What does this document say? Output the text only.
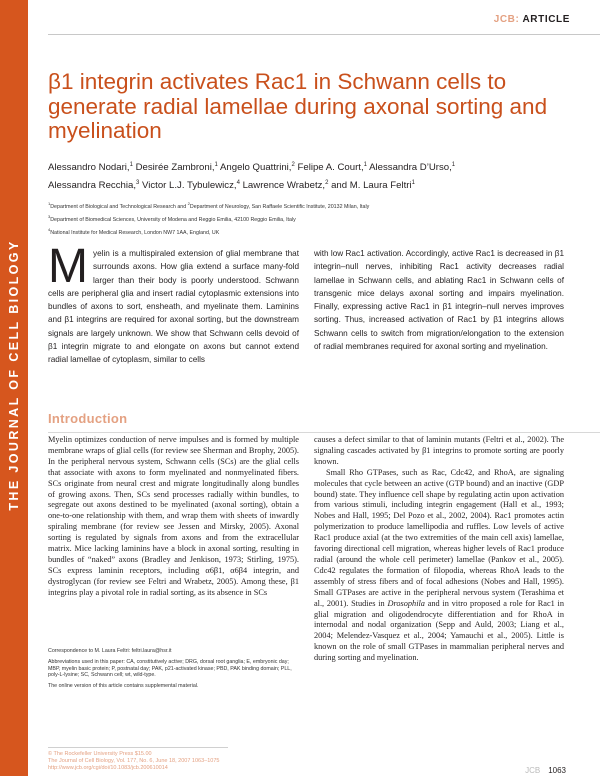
THE JOURNAL OF CELL BIOLOGY
JCB: ARTICLE
β1 integrin activates Rac1 in Schwann cells to generate radial lamellae during axonal sorting and myelination
Alessandro Nodari,$^1$ Desirée Zambroni,$^1$ Angelo Quattrini,$^2$ Felipe A. Court,$^1$ Alessandra D’Urso,$^1$
Alessandra Recchia,$^3$ Victor L.J. Tybulewicz,$^4$ Lawrence Wrabetz,$^2$ and M. Laura Feltri$^1$
$^1$Department of Biological and Technological Research and $^2$Department of Neurology, San Raffaele Scientific Institute, 20132 Milan, Italy
$^3$Department of Biomedical Sciences, University of Modena and Reggio Emilia, 42100 Reggio Emilia, Italy
$^4$National Institute for Medical Research, London NW7 1AA, England, UK
Myelin is a multispiraled extension of glial membrane that surrounds axons. How glia extend a surface many-fold larger than their body is poorly understood. Schwann cells are peripheral glia and insert radial cytoplasmic extensions into bundles of axons to sort, ensheath, and myelinate them. Laminins and β1 integrins are required for axonal sorting, but the downstream signals are largely unknown. We show that Schwann cells devoid of β1 integrin migrate to and elongate on axons but cannot extend radial lamellae of cytoplasm, similar to cells
with low Rac1 activation. Accordingly, active Rac1 is decreased in β1 integrin–null nerves, inhibiting Rac1 activity decreases radial lamellae in Schwann cells, and ablating Rac1 in Schwann cells of transgenic mice delays axonal sorting and impairs myelination. Finally, expressing active Rac1 in β1 integrin–null nerves improves sorting. Thus, increased activation of Rac1 by β1 integrins allows Schwann cells to switch from migration/elongation to the extension of radial membranes required for axonal sorting and myelination.
Introduction

Myelin optimizes conduction of nerve impulses and is formed by multiple membrane wraps of glial cells (for review see Sherman and Brophy, 2005). In the peripheral nervous system, Schwann cells (SCs) are the glial cells that associate with axons to form myelinated and nonmyelinated fibers. SCs originate from neural crest and migrate longitudinally along bundles of growing axons. Then, SCs send processes radially within bundles, to segregate out axons destined to be myelinated (axonal sorting), obtain a one-to-one relationship with them, and wrap them with sheets of inwardly spiraling membrane (for review see Jessen and Mirsky, 2005). Axonal sorting is regulated by signals from axons and from the extracellular matrix. Mice lacking laminins have a block in axonal sorting, resulting in bundles of “naked” axons (Bradley and Jenkison, 1973; Stirling, 1975). SCs express laminin receptors, including α6β1, α6β4 integrin, and dystroglycan (for review see Feltri and Wrabetz, 2005). Among these, β1 integrins play a pivotal role in radial sorting, as its absence in SCs

causes a defect similar to that of laminin mutants (Feltri et al., 2002). The signaling cascades activated by β1 integrins to promote sorting are poorly known.

Small Rho GTPases, such as Rac, Cdc42, and RhoA, are signaling molecules that cycle between an active (GTP bound) and an inactive (GDP bound) state. They influence cell shape by regulating actin upon activation from various stimuli, including integrin engagement (Hall et al., 1993; Nobes and Hall, 1995; Del Pozo et al., 2002, 2004). Rac1 promotes actin polymerization to produce lamellipodia and ruffles. Low levels of active Rac1 produce axial (at the two extremities of the main cell axis) lamellae, favoring directional cell migration, whereas higher levels of Rac1 produce radial (around the whole cell perimeter) lamellae (Pankov et al., 2005). Cdc42 regulates the formation of filopodia, whereas RhoA leads to the assembly of stress fibers and of focal adhesions (Nobes and Hall, 1995). Small GTPases are active in the peripheral nervous system (Terashima et al., 2001). Studies in Drosophila and in vitro proposed a role for Rac1 in glial migration and oligodendrocyte differentiation and for RhoA in internodal and nodal organization (Sepp and Auld, 2003; Liang et al., 2004; Melendez-Vasquez et al., 2004; Yamauchi et al., 2005). Little is known on the role of small GTPases in mammalian peripheral nerves and during sorting and myelination.

Correspondence to M. Laura Feltri: feltri.laura@hsr.it

Abbreviations used in this paper: CA, constitutively active; DRG, dorsal root ganglia; E, embryonic day; MBP, myelin basic protein; P, postnatal day; PAK, p21-activated kinase; PBD, PAK binding domain; PLL, poly-L-lysine; SC, Schwann cell; wt, wild-type.

The online version of this article contains supplemental material.

© The Rockefeller University Press $15.00
The Journal of Cell Biology, Vol. 177, No. 6, June 18, 2007 1063–1075
http://www.jcb.org/cgi/doi/10.1083/jcb.200610014	JCB 1063
